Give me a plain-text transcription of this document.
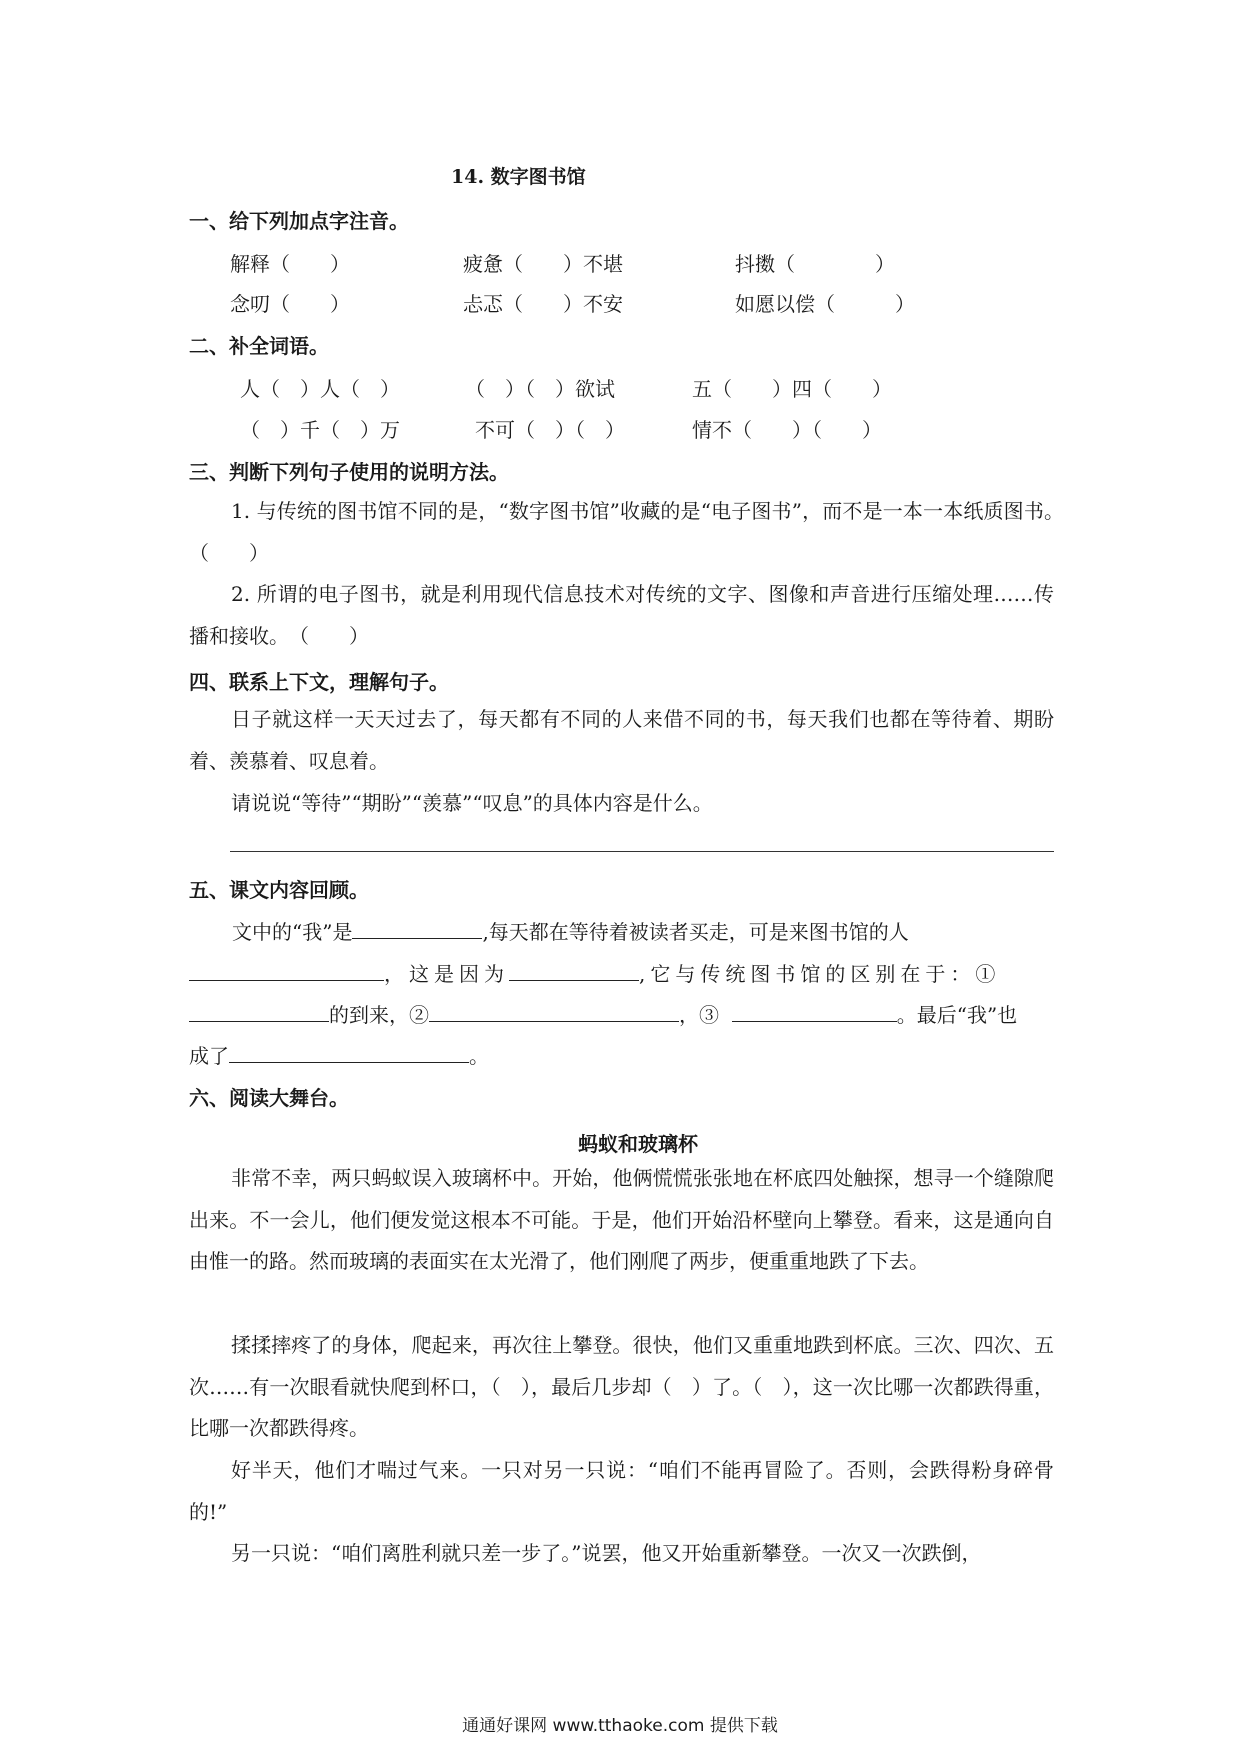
14. 数字图书馆
一、给下列加点字注音。
解释（　　）	疲惫（　　）不堪	抖擞（　　　　）
念叨（　　）	忐忑（　　）不安	如愿以偿（　　　）
二、补全词语。
人（　）人（　）	（　）（　）欲试	五（　　）四（　　）
（　）千（　）万	不可（　）（　）	情不（　　）（　　）
三、判断下列句子使用的说明方法。
1. 与传统的图书馆不同的是，“数字图书馆”收藏的是“电子图书”，而不是一本一本纸质图书。　　（　　）
2. 所谓的电子图书，就是利用现代信息技术对传统的文字、图像和声音进行压缩处理……传播和接收。　（　　）
四、联系上下文，理解句子。
日子就这样一天天过去了，每天都有不同的人来借不同的书，每天我们也都在等待着、期盼着、羡慕着、叹息着。
请说说“等待”“期盼”“羡慕”“叹息”的具体内容是什么。
五、课文内容回顾。
文中的“我”是	,每天都在等待着被读者买走，可是来图书馆的人
，这是因为	,它与传统图书馆的区别在于：①
的到来，②	，③	。最后“我”也
成了	。
六、阅读大舞台。
蚂蚁和玻璃杯
非常不幸，两只蚂蚁误入玻璃杯中。开始，他俩慌慌张张地在杯底四处触探，想寻一个缝隙爬出来。不一会儿，他们便发觉这根本不可能。于是，他们开始沿杯壁向上攀登。看来，这是通向自由惟一的路。然而玻璃的表面实在太光滑了，他们刚爬了两步，便重重地跌了下去。
揉揉摔疼了的身体，爬起来，再次往上攀登。很快，他们又重重地跌到杯底。三次、四次、五次……有一次眼看就快爬到杯口，（　），最后几步却（　）了。（　），这一次比哪一次都跌得重，比哪一次都跌得疼。
好半天，他们才喘过气来。一只对另一只说：“咱们不能再冒险了。否则，会跌得粉身碎骨的!”
另一只说：“咱们离胜利就只差一步了。”说罢，他又开始重新攀登。一次又一次跌倒，
通通好课网 www.tthaoke.com 提供下载
